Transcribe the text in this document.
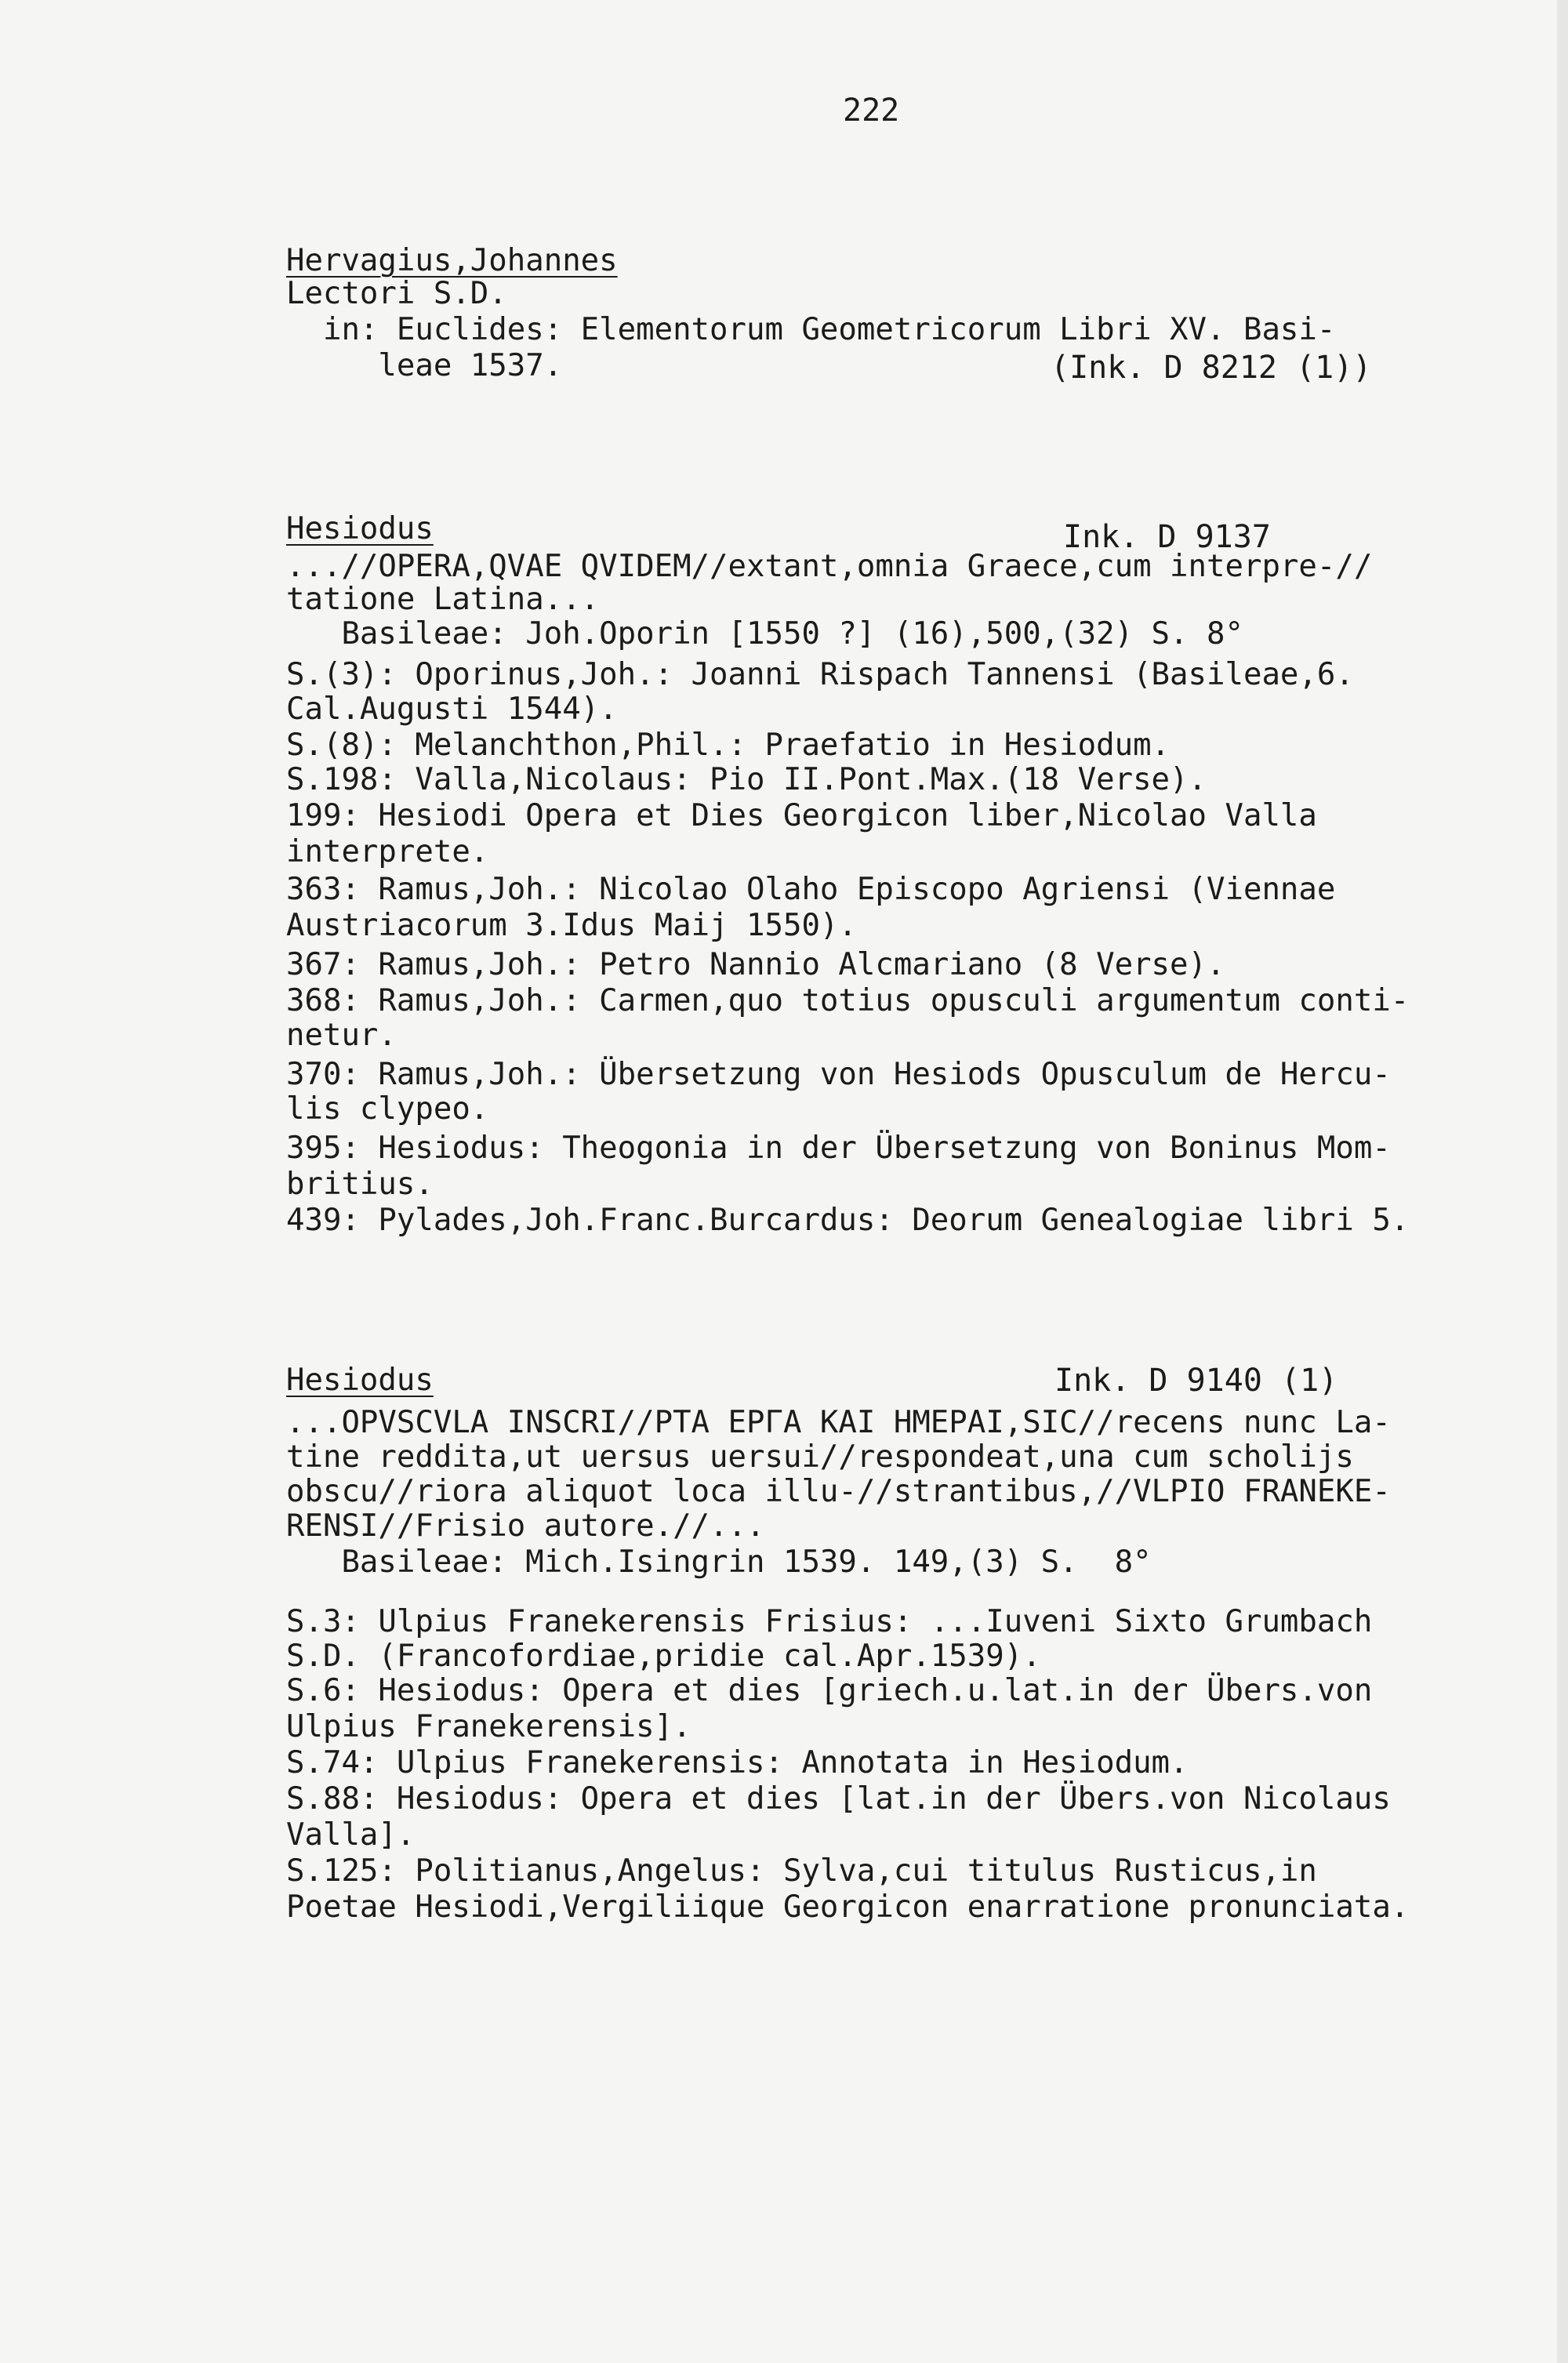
222
Hervagius,Johannes
Lectori S.D.
in: Euclides: Elementorum Geometricorum Libri XV. Basi-
leae 1537.	(Ink. D 8212 (1))
Hesiodus	Ink. D 9137
...//OPERA,QVAE QVIDEM//extant,omnia Graece,cum interpre-//
tatione Latina...
Basileae: Joh.Oporin [1550 ?] (16),500,(32) S. 8°
S.(3): Oporinus,Joh.: Joanni Rispach Tannensi (Basileae,6.
Cal.Augusti 1544).
S.(8): Melanchthon,Phil.: Praefatio in Hesiodum.
S.198: Valla,Nicolaus: Pio II.Pont.Max.(18 Verse).
199: Hesiodi Opera et Dies Georgicon liber,Nicolao Valla
interprete.
363: Ramus,Joh.: Nicolao Olaho Episcopo Agriensi (Viennae
Austriacorum 3.Idus Maij 1550).
367: Ramus,Joh.: Petro Nannio Alcmariano (8 Verse).
368: Ramus,Joh.: Carmen,quo totius opusculi argumentum conti-
netur.
370: Ramus,Joh.: Übersetzung von Hesiods Opusculum de Hercu-
lis clypeo.
395: Hesiodus: Theogonia in der Übersetzung von Boninus Mom-
britius.
439: Pylades,Joh.Franc.Burcardus: Deorum Genealogiae libri 5.
Hesiodus	Ink. D 9140 (1)
...OPVSCVLA INSCRI//PTA EPΓA KAI HMEPAI,SIC//recens nunc La-
tine reddita,ut uersus uersui//respondeat,una cum scholijs
obscu//riora aliquot loca illu-//strantibus,//VLPIO FRANEKE-
RENSI//Frisio autore.//...
Basileae: Mich.Isingrin 1539. 149,(3) S.  8°
S.3: Ulpius Franekerensis Frisius: ...Iuveni Sixto Grumbach
S.D. (Francofordiae,pridie cal.Apr.1539).
S.6: Hesiodus: Opera et dies [griech.u.lat.in der Übers.von
Ulpius Franekerensis].
S.74: Ulpius Franekerensis: Annotata in Hesiodum.
S.88: Hesiodus: Opera et dies [lat.in der Übers.von Nicolaus
Valla].
S.125: Politianus,Angelus: Sylva,cui titulus Rusticus,in
Poetae Hesiodi,Vergiliique Georgicon enarratione pronunciata.
